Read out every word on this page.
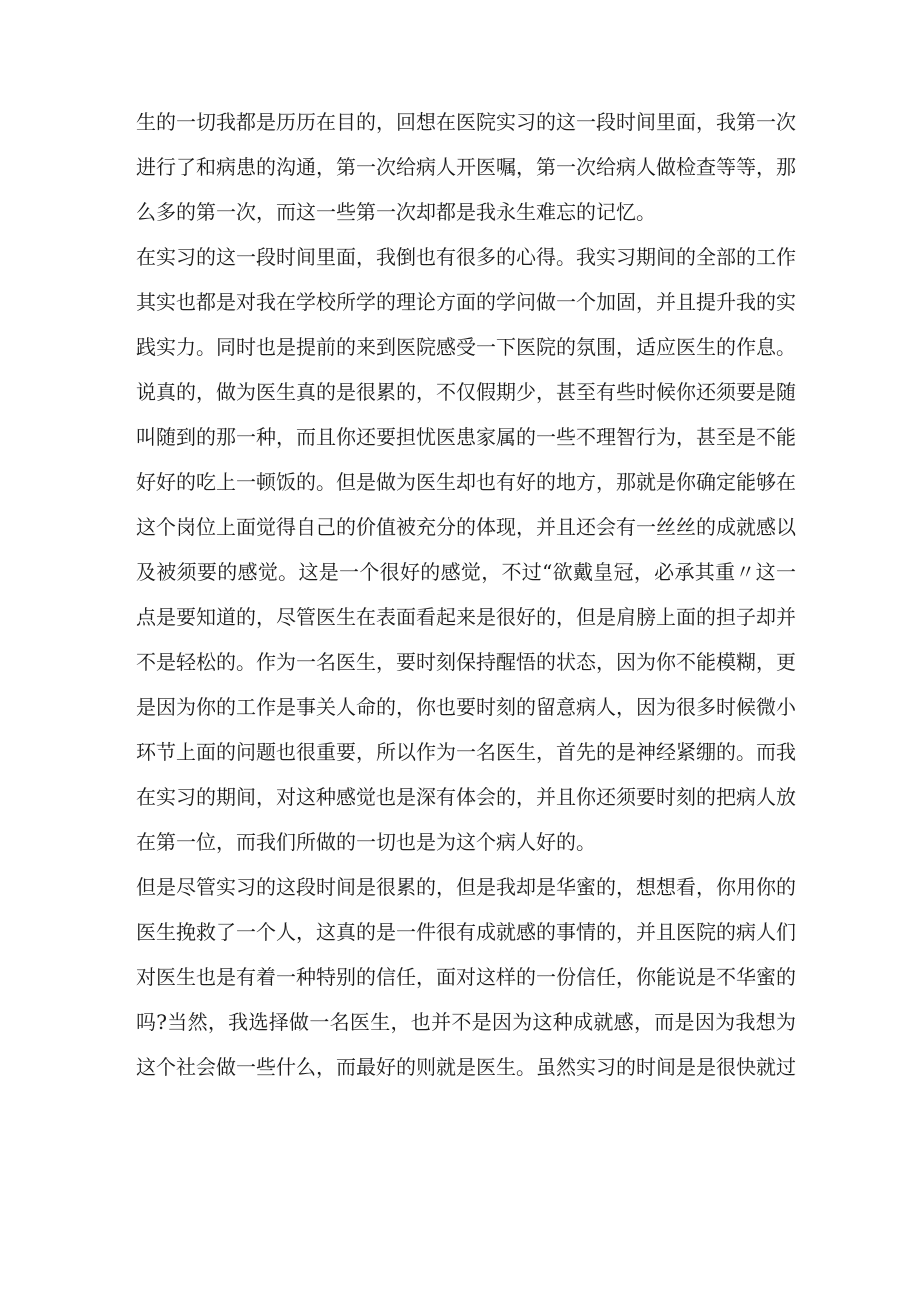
生的一切我都是历历在目的，回想在医院实习的这一段时间里面，我第一次
进行了和病患的沟通，第一次给病人开医嘱，第一次给病人做检查等等，那
么多的第一次，而这一些第一次却都是我永生难忘的记忆。
在实习的这一段时间里面，我倒也有很多的心得。我实习期间的全部的工作
其实也都是对我在学校所学的理论方面的学问做一个加固，并且提升我的实
践实力。同时也是提前的来到医院感受一下医院的氛围，适应医生的作息。
说真的，做为医生真的是很累的，不仅假期少，甚至有些时候你还须要是随
叫随到的那一种，而且你还要担忧医患家属的一些不理智行为，甚至是不能
好好的吃上一顿饭的。但是做为医生却也有好的地方，那就是你确定能够在
这个岗位上面觉得自己的价值被充分的体现，并且还会有一丝丝的成就感以
及被须要的感觉。这是一个很好的感觉，不过“欲戴皇冠，必承其重〃这一
点是要知道的，尽管医生在表面看起来是很好的，但是肩膀上面的担子却并
不是轻松的。作为一名医生，要时刻保持醒悟的状态，因为你不能模糊，更
是因为你的工作是事关人命的，你也要时刻的留意病人，因为很多时候微小
环节上面的问题也很重要，所以作为一名医生，首先的是神经紧绷的。而我
在实习的期间，对这种感觉也是深有体会的，并且你还须要时刻的把病人放
在第一位，而我们所做的一切也是为这个病人好的。
但是尽管实习的这段时间是很累的，但是我却是华蜜的，想想看，你用你的
医生挽救了一个人，这真的是一件很有成就感的事情的，并且医院的病人们
对医生也是有着一种特别的信任，面对这样的一份信任，你能说是不华蜜的
吗?当然，我选择做一名医生，也并不是因为这种成就感，而是因为我想为
这个社会做一些什么，而最好的则就是医生。虽然实习的时间是是很快就过
